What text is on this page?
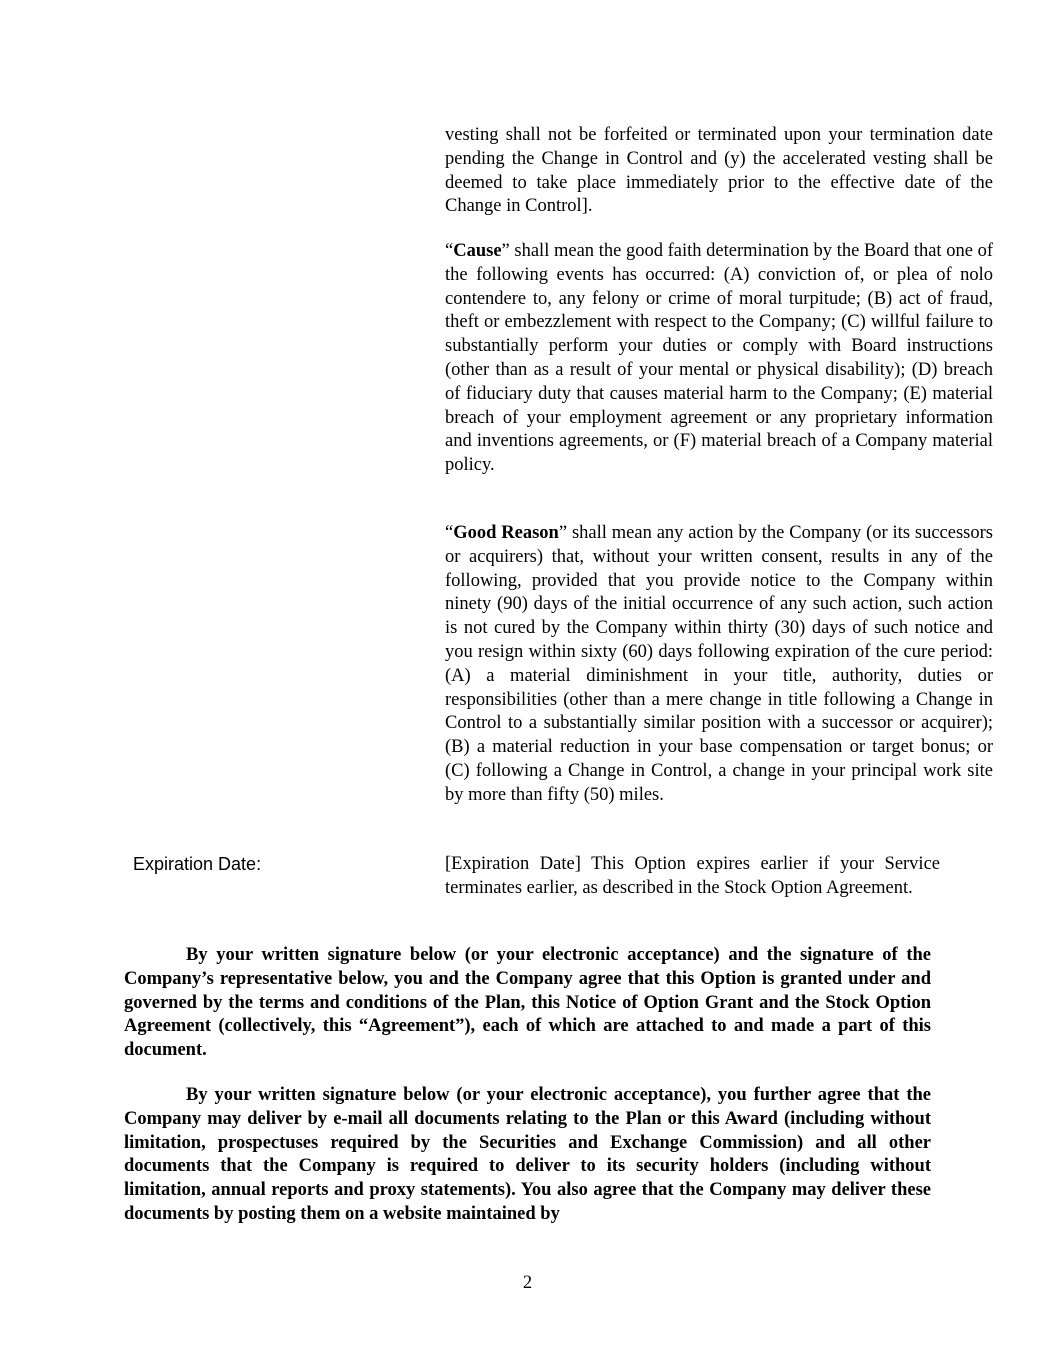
vesting shall not be forfeited or terminated upon your termination date pending the Change in Control and (y) the accelerated vesting shall be deemed to take place immediately prior to the effective date of the Change in Control].

“Cause” shall mean the good faith determination by the Board that one of the following events has occurred: (A) conviction of, or plea of nolo contendere to, any felony or crime of moral turpitude; (B) act of fraud, theft or embezzlement with respect to the Company; (C) willful failure to substantially perform your duties or comply with Board instructions (other than as a result of your mental or physical disability); (D) breach of fiduciary duty that causes material harm to the Company; (E) material breach of your employment agreement or any proprietary information and inventions agreements, or (F) material breach of a Company material policy.

“Good Reason” shall mean any action by the Company (or its successors or acquirers) that, without your written consent, results in any of the following, provided that you provide notice to the Company within ninety (90) days of the initial occurrence of any such action, such action is not cured by the Company within thirty (30) days of such notice and you resign within sixty (60) days following expiration of the cure period: (A) a material diminishment in your title, authority, duties or responsibilities (other than a mere change in title following a Change in Control to a substantially similar position with a successor or acquirer); (B) a material reduction in your base compensation or target bonus; or (C) following a Change in Control, a change in your principal work site by more than fifty (50) miles.

Expiration Date:	[Expiration Date] This Option expires earlier if your Service terminates earlier, as described in the Stock Option Agreement.

By your written signature below (or your electronic acceptance) and the signature of the Company’s representative below, you and the Company agree that this Option is granted under and governed by the terms and conditions of the Plan, this Notice of Option Grant and the Stock Option Agreement (collectively, this “Agreement”), each of which are attached to and made a part of this document.

By your written signature below (or your electronic acceptance), you further agree that the Company may deliver by e-mail all documents relating to the Plan or this Award (including without limitation, prospectuses required by the Securities and Exchange Commission) and all other documents that the Company is required to deliver to its security holders (including without limitation, annual reports and proxy statements). You also agree that the Company may deliver these documents by posting them on a website maintained by

2
